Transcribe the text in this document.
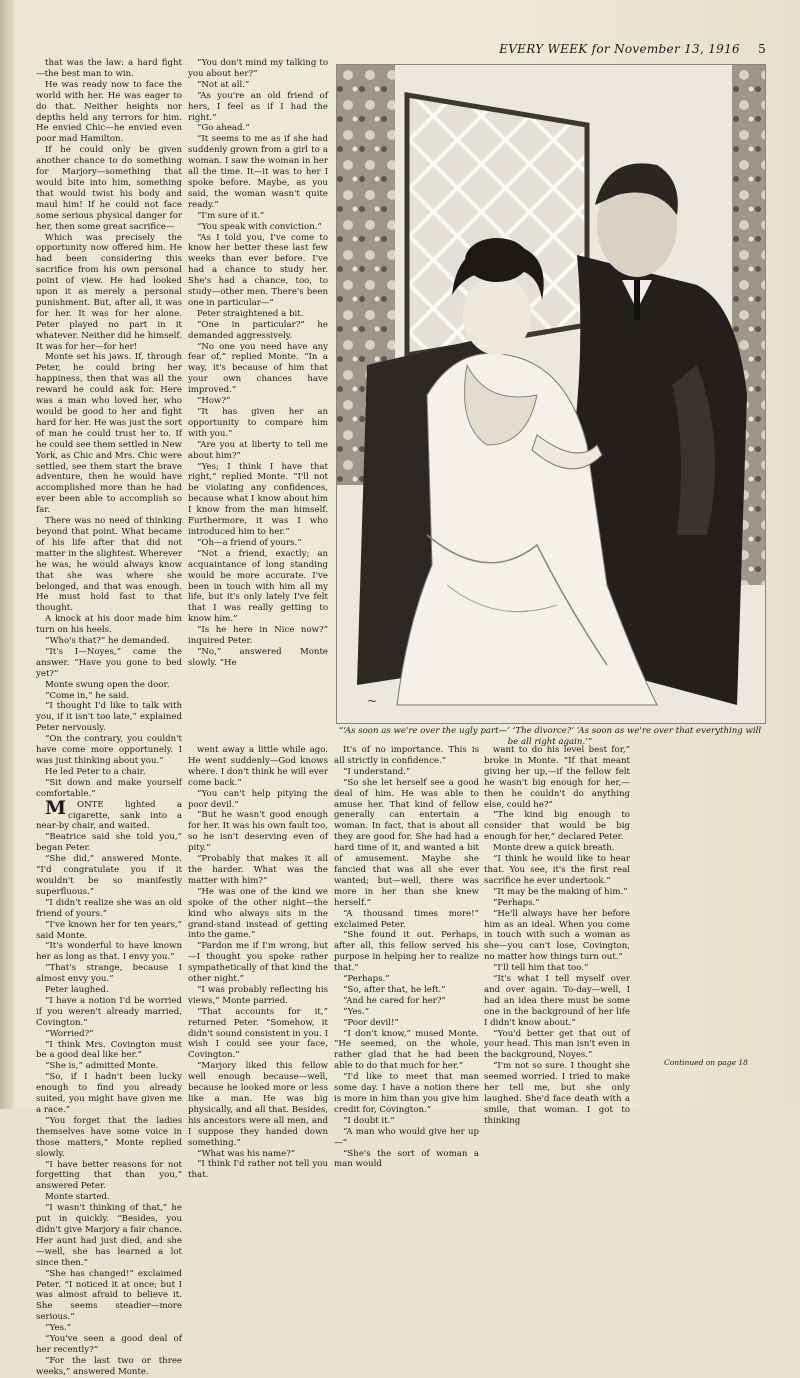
EVERY WEEK for November 13, 1916 5

that was the law: a hard fight—the best man to win.

He was ready now to face the world with her. He was eager to do that. Neither heights nor depths held any terrors for him. He envied Chic—he envied even poor mad Hamilton.

If he could only be given another chance to do something for Marjory—something that would bite into him, something that would twist his body and maul him! If he could not face some serious physical danger for her, then some great sacrifice—

Which was precisely the opportunity now offered him. He had been considering this sacrifice from his own personal point of view. He had looked upon it as merely a personal punishment. But, after all, it was for her. It was for her alone. Peter played no part in it whatever. Neither did he himself. It was for her—for her!

Monte set his jaws. If, through Peter, he could bring her happiness, then that was all the reward he could ask for. Here was a man who loved her, who would be good to her and fight hard for her. He was just the sort of man he could trust her to. If he could see them settled in New York, as Chic and Mrs. Chic were settled, see them start the brave adventure, then he would have accomplished more than he had ever been able to accomplish so far.

There was no need of thinking beyond that point. What became of his life after that did not matter in the slightest. Wherever he was, he would always know that she was where she belonged, and that was enough. He must hold fast to that thought.

A knock at his door made him turn on his heels.

“Who's that?” he demanded.

“It's I—Noyes,” came the answer. “Have you gone to bed yet?”

Monte swung open the door.

“Come in,” he said.

“I thought I'd like to talk with you, if it isn't too late,” explained Peter nervously.

“On the contrary, you couldn't have come more opportunely. I was just thinking about you.”

He led Peter to a chair.

“Sit down and make yourself comfortable.”

MONTE lighted a cigarette, sank into a near-by chair, and waited.

“Beatrice said she told you,” began Peter.

“She did,” answered Monte. “I'd congratulate you if it wouldn't be so manifestly superfluous.”

“I didn't realize she was an old friend of yours.”

“I've known her for ten years,” said Monte.

“It's wonderful to have known her as long as that. I envy you.”

“That's strange, because I almost envy you.”

Peter laughed.

“I have a notion I'd be worried if you weren't already married, Covington.”

“Worried?”

“I think Mrs. Covington must be a good deal like her.”

“She is,” admitted Monte.

“So, if I hadn't been lucky enough to find you already suited, you might have given me a race.”

“You forget that the ladies themselves have some voice in those matters,” Monte replied slowly.

“I have better reasons for not forgetting that than you,” answered Peter.

Monte started.

“I wasn't thinking of that,” he put in quickly. “Besides, you didn't give Marjory a fair chance. Her aunt had just died, and she—well, she has learned a lot since then.”

“She has changed!” exclaimed Peter. “I noticed it at once; but I was almost afraid to believe it. She seems steadier—more serious.”

“Yes.”

“You've seen a good deal of her recently?”

“For the last two or three weeks,” answered Monte.

“You don't mind my talking to you about her?”

“Not at all.”

“As you're an old friend of hers, I feel as if I had the right.”

“Go ahead.”

“It seems to me as if she had suddenly grown from a girl to a woman. I saw the woman in her all the time. It—it was to her I spoke before. Maybe, as you said, the woman wasn't quite ready.”

“I'm sure of it.”

“You speak with conviction.”

“As I told you, I've come to know her better these last few weeks than ever before. I've had a chance to study her. She's had a chance, too, to study—other men. There's been one in particular—”

Peter straightened a bit.

“One in particular?” he demanded aggressively.

“No one you need have any fear of,” replied Monte. “In a way, it's because of him that your own chances have improved.”

“How?”

“It has given her an opportunity to compare him with you.”

“Are you at liberty to tell me about him?”

“Yes; I think I have that right,” replied Monte. “I'll not be violating any confidences, because what I know about him I know from the man himself. Furthermore, it was I who introduced him to her.”

“Oh—a friend of yours.”

“Not a friend, exactly; an acquaintance of long standing would be more accurate. I've been in touch with him all my life, but it's only lately I've felt that I was really getting to know him.”

“Is he here in Nice now?” inquired Peter.

“No,” answered Monte slowly. “He

went away a little while ago. He went suddenly—God knows where. I don't think he will ever come back.”

“You can't help pitying the poor devil.”

“But he wasn't good enough for her. It was his own fault too, so he isn't deserving even of pity.”

“Probably that makes it all the harder. What was the matter with him?”

“He was one of the kind we spoke of the other night—the kind who always sits in the grand-stand instead of getting into the game.”

“Pardon me if I'm wrong, but—I thought you spoke rather sympathetically of that kind the other night.”

“I was probably reflecting his views,” Monte parried.

“That accounts for it,” returned Peter. “Somehow, it didn't sound consistent in you. I wish I could see your face, Covington.”

“Marjory liked this fellow well enough because—well, because he looked more or less like a man. He was big physically, and all that. Besides, his ancestors were all men, and I suppose they handed down something.”

“What was his name?”

“I think I'd rather not tell you that.

It's of no importance. This is all strictly in confidence.”

“I understand.”

“So she let herself see a good deal of him. He was able to amuse her. That kind of fellow generally can entertain a woman. In fact, that is about all they are good for. She had had a hard time of it, and wanted a bit of amusement. Maybe she fancied that was all she ever wanted; but—well, there was more in her than she knew herself.”

“A thousand times more!” exclaimed Peter.

“She found it out. Perhaps, after all, this fellow served his purpose in helping her to realize that.”

“Perhaps.”

“So, after that, he left.”

“And he cared for her?”

“Yes.”

“Poor devil!”

“I don't know,” mused Monte. “He seemed, on the whole, rather glad that he had been able to do that much for her.”

“I'd like to meet that man some day. I have a notion there is more in him than you give him credit for, Covington.”

“I doubt it.”

“A man who would give her up—”

“She's the sort of woman a man would

want to do his level best for,” broke in Monte. “If that meant giving her up,—if the fellow felt he wasn't big enough for her,—then he couldn't do anything else, could he?”

“The kind big enough to consider that would be big enough for her,” declared Peter.

Monte drew a quick breath.

“I think he would like to hear that. You see, it's the first real sacrifice he ever undertook.”

“It may be the making of him.”

“Perhaps.”

“He'll always have her before him as an ideal. When you come in touch with such a woman as she—you can't lose, Covington, no matter how things turn out.”

“I'll tell him that too.”

“It's what I tell myself over and over again. To-day—well, I had an idea there must be some one in the background of her life I didn't know about.”

“You'd better get that out of your head. This man isn't even in the background, Noyes.”

“I'm not so sure. I thought she seemed worried. I tried to make her tell me, but she only laughed. She'd face death with a smile, that woman. I got to thinking

~
“‘As soon as we're over the ugly part—’ ‘The divorce?’ ‘As soon as we're over that everything will be all right again.’”
Continued on page 18
